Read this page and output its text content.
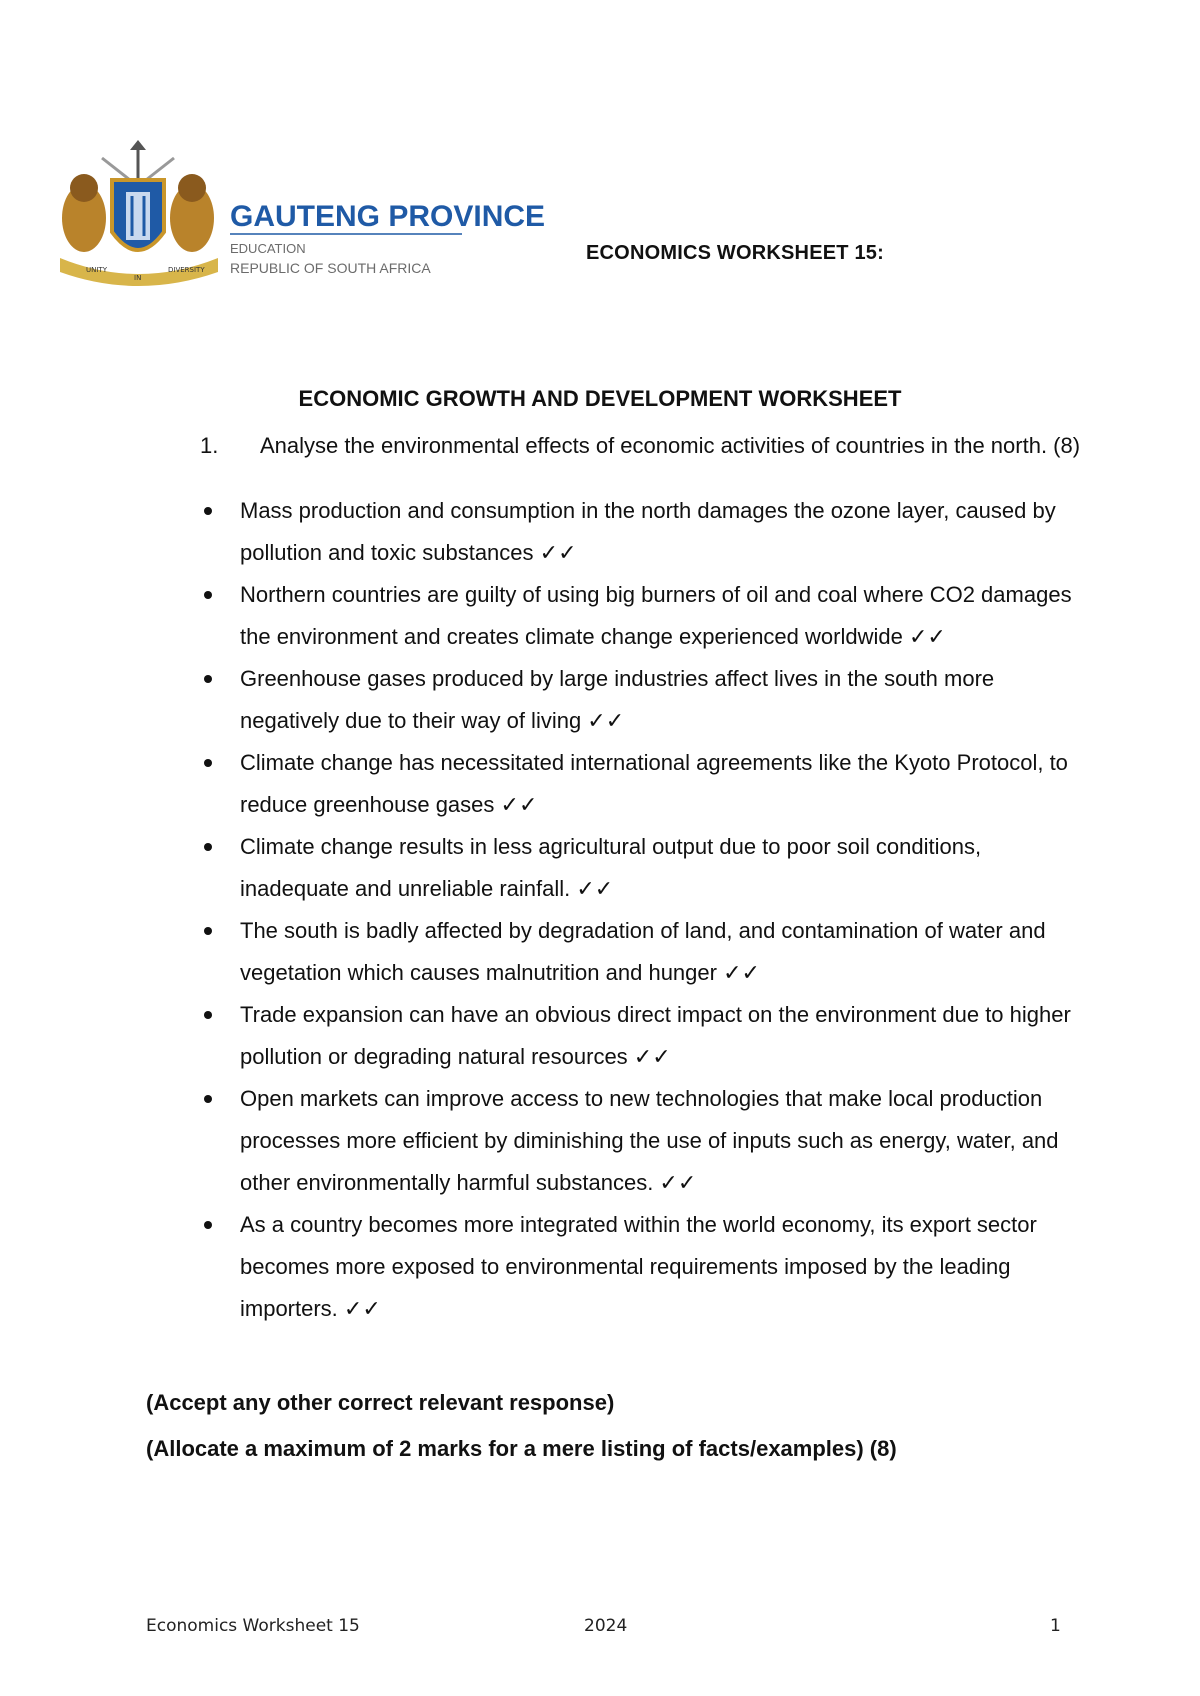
UNITY
IN
DIVERSITY
GAUTENG PROVINCE
EDUCATION
REPUBLIC OF SOUTH AFRICA
ECONOMICS WORKSHEET 15:
ECONOMIC GROWTH AND DEVELOPMENT WORKSHEET
1.	Analyse the environmental effects of economic activities of countries in the north. (8)
Mass production and consumption in the north damages the ozone layer, caused by pollution and toxic substances ✓✓
Northern countries are guilty of using big burners of oil and coal where CO2 damages the environment and creates climate change experienced worldwide ✓✓
Greenhouse gases produced by large industries affect lives in the south more negatively due to their way of living ✓✓
Climate change has necessitated international agreements like the Kyoto Protocol, to reduce greenhouse gases ✓✓
Climate change results in less agricultural output due to poor soil conditions, inadequate and unreliable rainfall. ✓✓
The south is badly affected by degradation of land, and contamination of water and vegetation which causes malnutrition and hunger ✓✓
Trade expansion can have an obvious direct impact on the environment due to higher pollution or degrading natural resources ✓✓
Open markets can improve access to new technologies that make local production processes more efficient by diminishing the use of inputs such as energy, water, and other environmentally harmful substances. ✓✓
As a country becomes more integrated within the world economy, its export sector becomes more exposed to environmental requirements imposed by the leading importers. ✓✓
(Accept any other correct relevant response)
(Allocate a maximum of 2 marks for a mere listing of facts/examples) (8)
Economics Worksheet 15	2024	1
